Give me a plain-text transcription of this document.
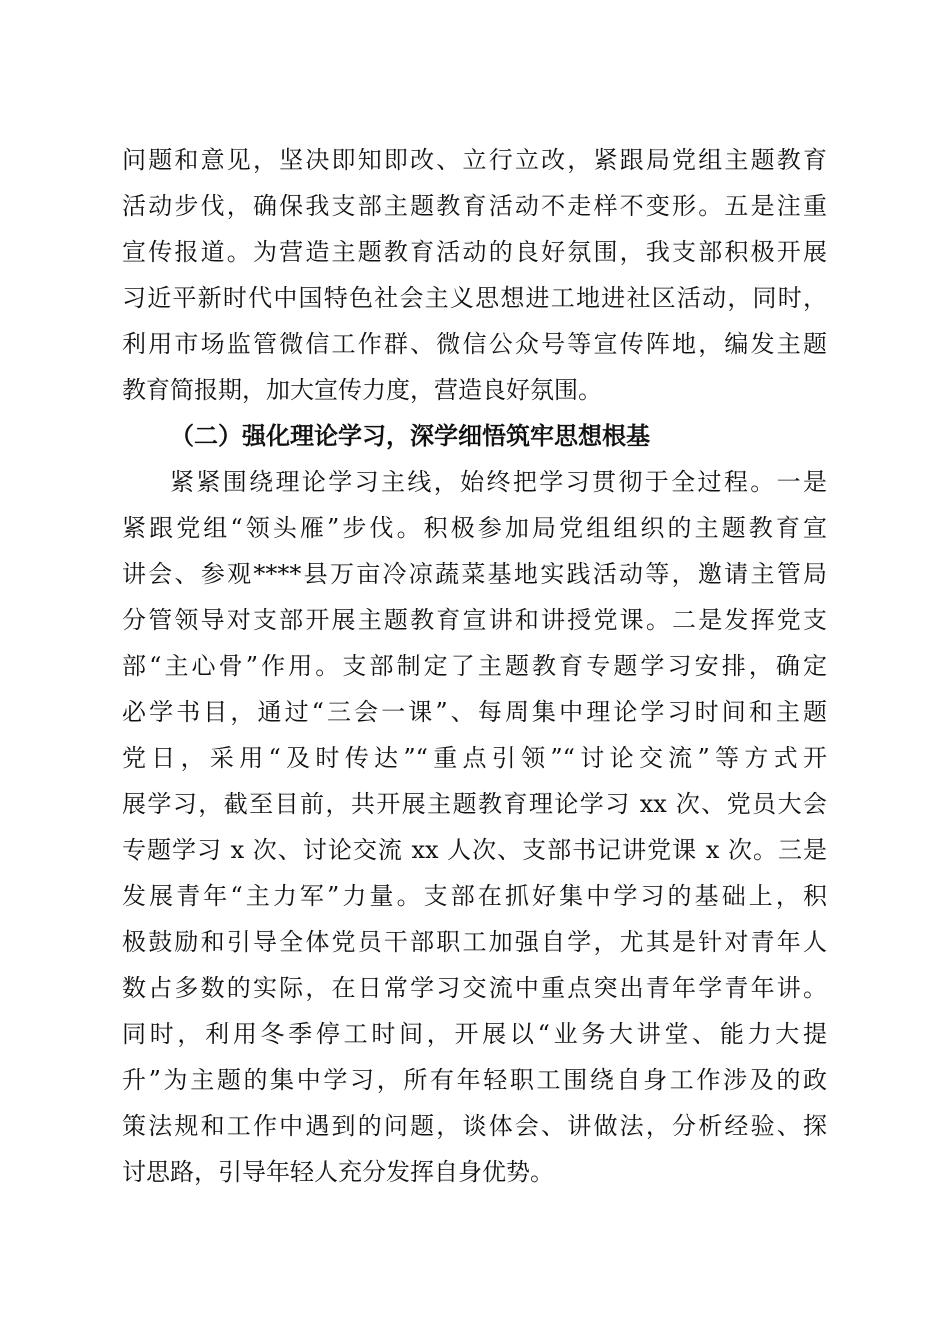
问题和意见，坚决即知即改、立行立改，紧跟局党组主题教育
活动步伐，确保我支部主题教育活动不走样不变形。五是注重
宣传报道。为营造主题教育活动的良好氛围，我支部积极开展
习近平新时代中国特色社会主义思想进工地进社区活动，同时，
利用市场监管微信工作群、微信公众号等宣传阵地，编发主题
教育简报期，加大宣传力度，营造良好氛围。
（二）强化理论学习，深学细悟筑牢思想根基
紧紧围绕理论学习主线，始终把学习贯彻于全过程。一是
紧跟党组“领头雁”步伐。积极参加局党组组织的主题教育宣
讲会、参观****县万亩冷凉蔬菜基地实践活动等，邀请主管局
分管领导对支部开展主题教育宣讲和讲授党课。二是发挥党支
部“主心骨”作用。支部制定了主题教育专题学习安排，确定
必学书目，通过“三会一课”、每周集中理论学习时间和主题
党日，采用“及时传达”“重点引领”“讨论交流”等方式开
展学习，截至目前，共开展主题教育理论学习 xx 次、党员大会
专题学习 x 次、讨论交流 xx 人次、支部书记讲党课 x 次。三是
发展青年“主力军”力量。支部在抓好集中学习的基础上，积
极鼓励和引导全体党员干部职工加强自学，尤其是针对青年人
数占多数的实际，在日常学习交流中重点突出青年学青年讲。
同时，利用冬季停工时间，开展以“业务大讲堂、能力大提
升”为主题的集中学习，所有年轻职工围绕自身工作涉及的政
策法规和工作中遇到的问题，谈体会、讲做法，分析经验、探
讨思路，引导年轻人充分发挥自身优势。
